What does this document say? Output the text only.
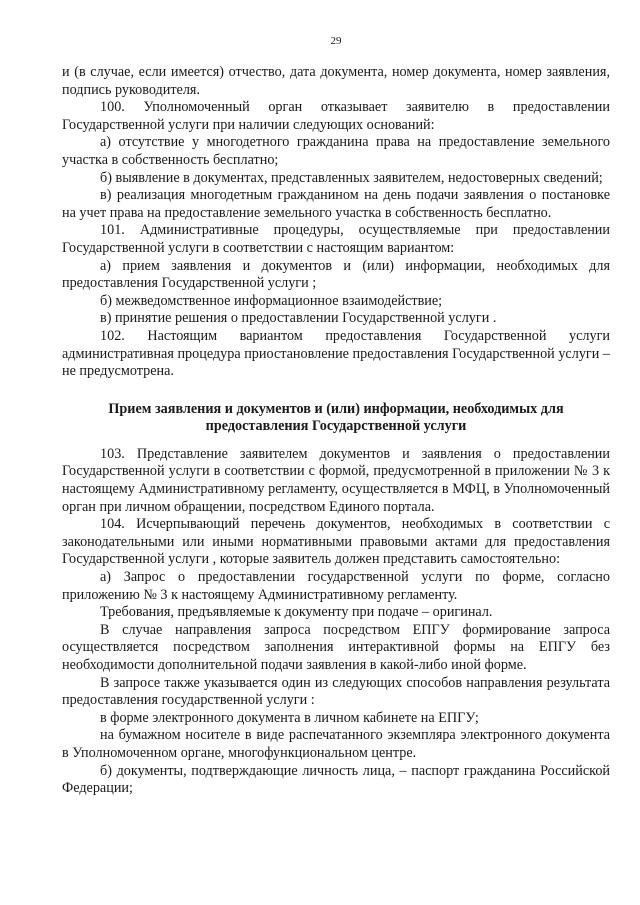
29

и (в случае, если имеется) отчество, дата документа, номер документа, номер заявления, подпись руководителя.

100. Уполномоченный орган отказывает заявителю в предоставлении Государственной услуги при наличии следующих оснований:

а) отсутствие у многодетного гражданина права на предоставление земельного участка в собственность бесплатно;

б) выявление в документах, представленных заявителем, недостоверных сведений;

в) реализация многодетным гражданином на день подачи заявления о постановке на учет права на предоставление земельного участка в собственность бесплатно.

101. Административные процедуры, осуществляемые при предоставлении Государственной услуги в соответствии с настоящим вариантом:

а) прием заявления и документов и (или) информации, необходимых для предоставления Государственной услуги ;

б) межведомственное информационное взаимодействие;

в) принятие решения о предоставлении Государственной услуги .

102. Настоящим вариантом предоставления Государственной услуги административная процедура приостановление предоставления Государственной услуги – не предусмотрена.

Прием заявления и документов и (или) информации, необходимых для предоставления Государственной услуги

103. Представление заявителем документов и заявления о предоставлении Государственной услуги в соответствии с формой, предусмотренной в приложении № 3 к настоящему Административному регламенту, осуществляется в МФЦ, в Уполномоченный орган при личном обращении, посредством Единого портала.

104. Исчерпывающий перечень документов, необходимых в соответствии с законодательными или иными нормативными правовыми актами для предоставления Государственной услуги , которые заявитель должен представить самостоятельно:

а) Запрос о предоставлении государственной услуги по форме, согласно приложению № 3 к настоящему Административному регламенту.

Требования, предъявляемые к документу при подаче – оригинал.

В случае направления запроса посредством ЕПГУ формирование запроса осуществляется посредством заполнения интерактивной формы на ЕПГУ без необходимости дополнительной подачи заявления в какой-либо иной форме.

В запросе также указывается один из следующих способов направления результата предоставления государственной услуги :

в форме электронного документа в личном кабинете на ЕПГУ;

на бумажном носителе в виде распечатанного экземпляра электронного документа в Уполномоченном органе, многофункциональном центре.

б) документы, подтверждающие личность лица, – паспорт гражданина Российской Федерации;
